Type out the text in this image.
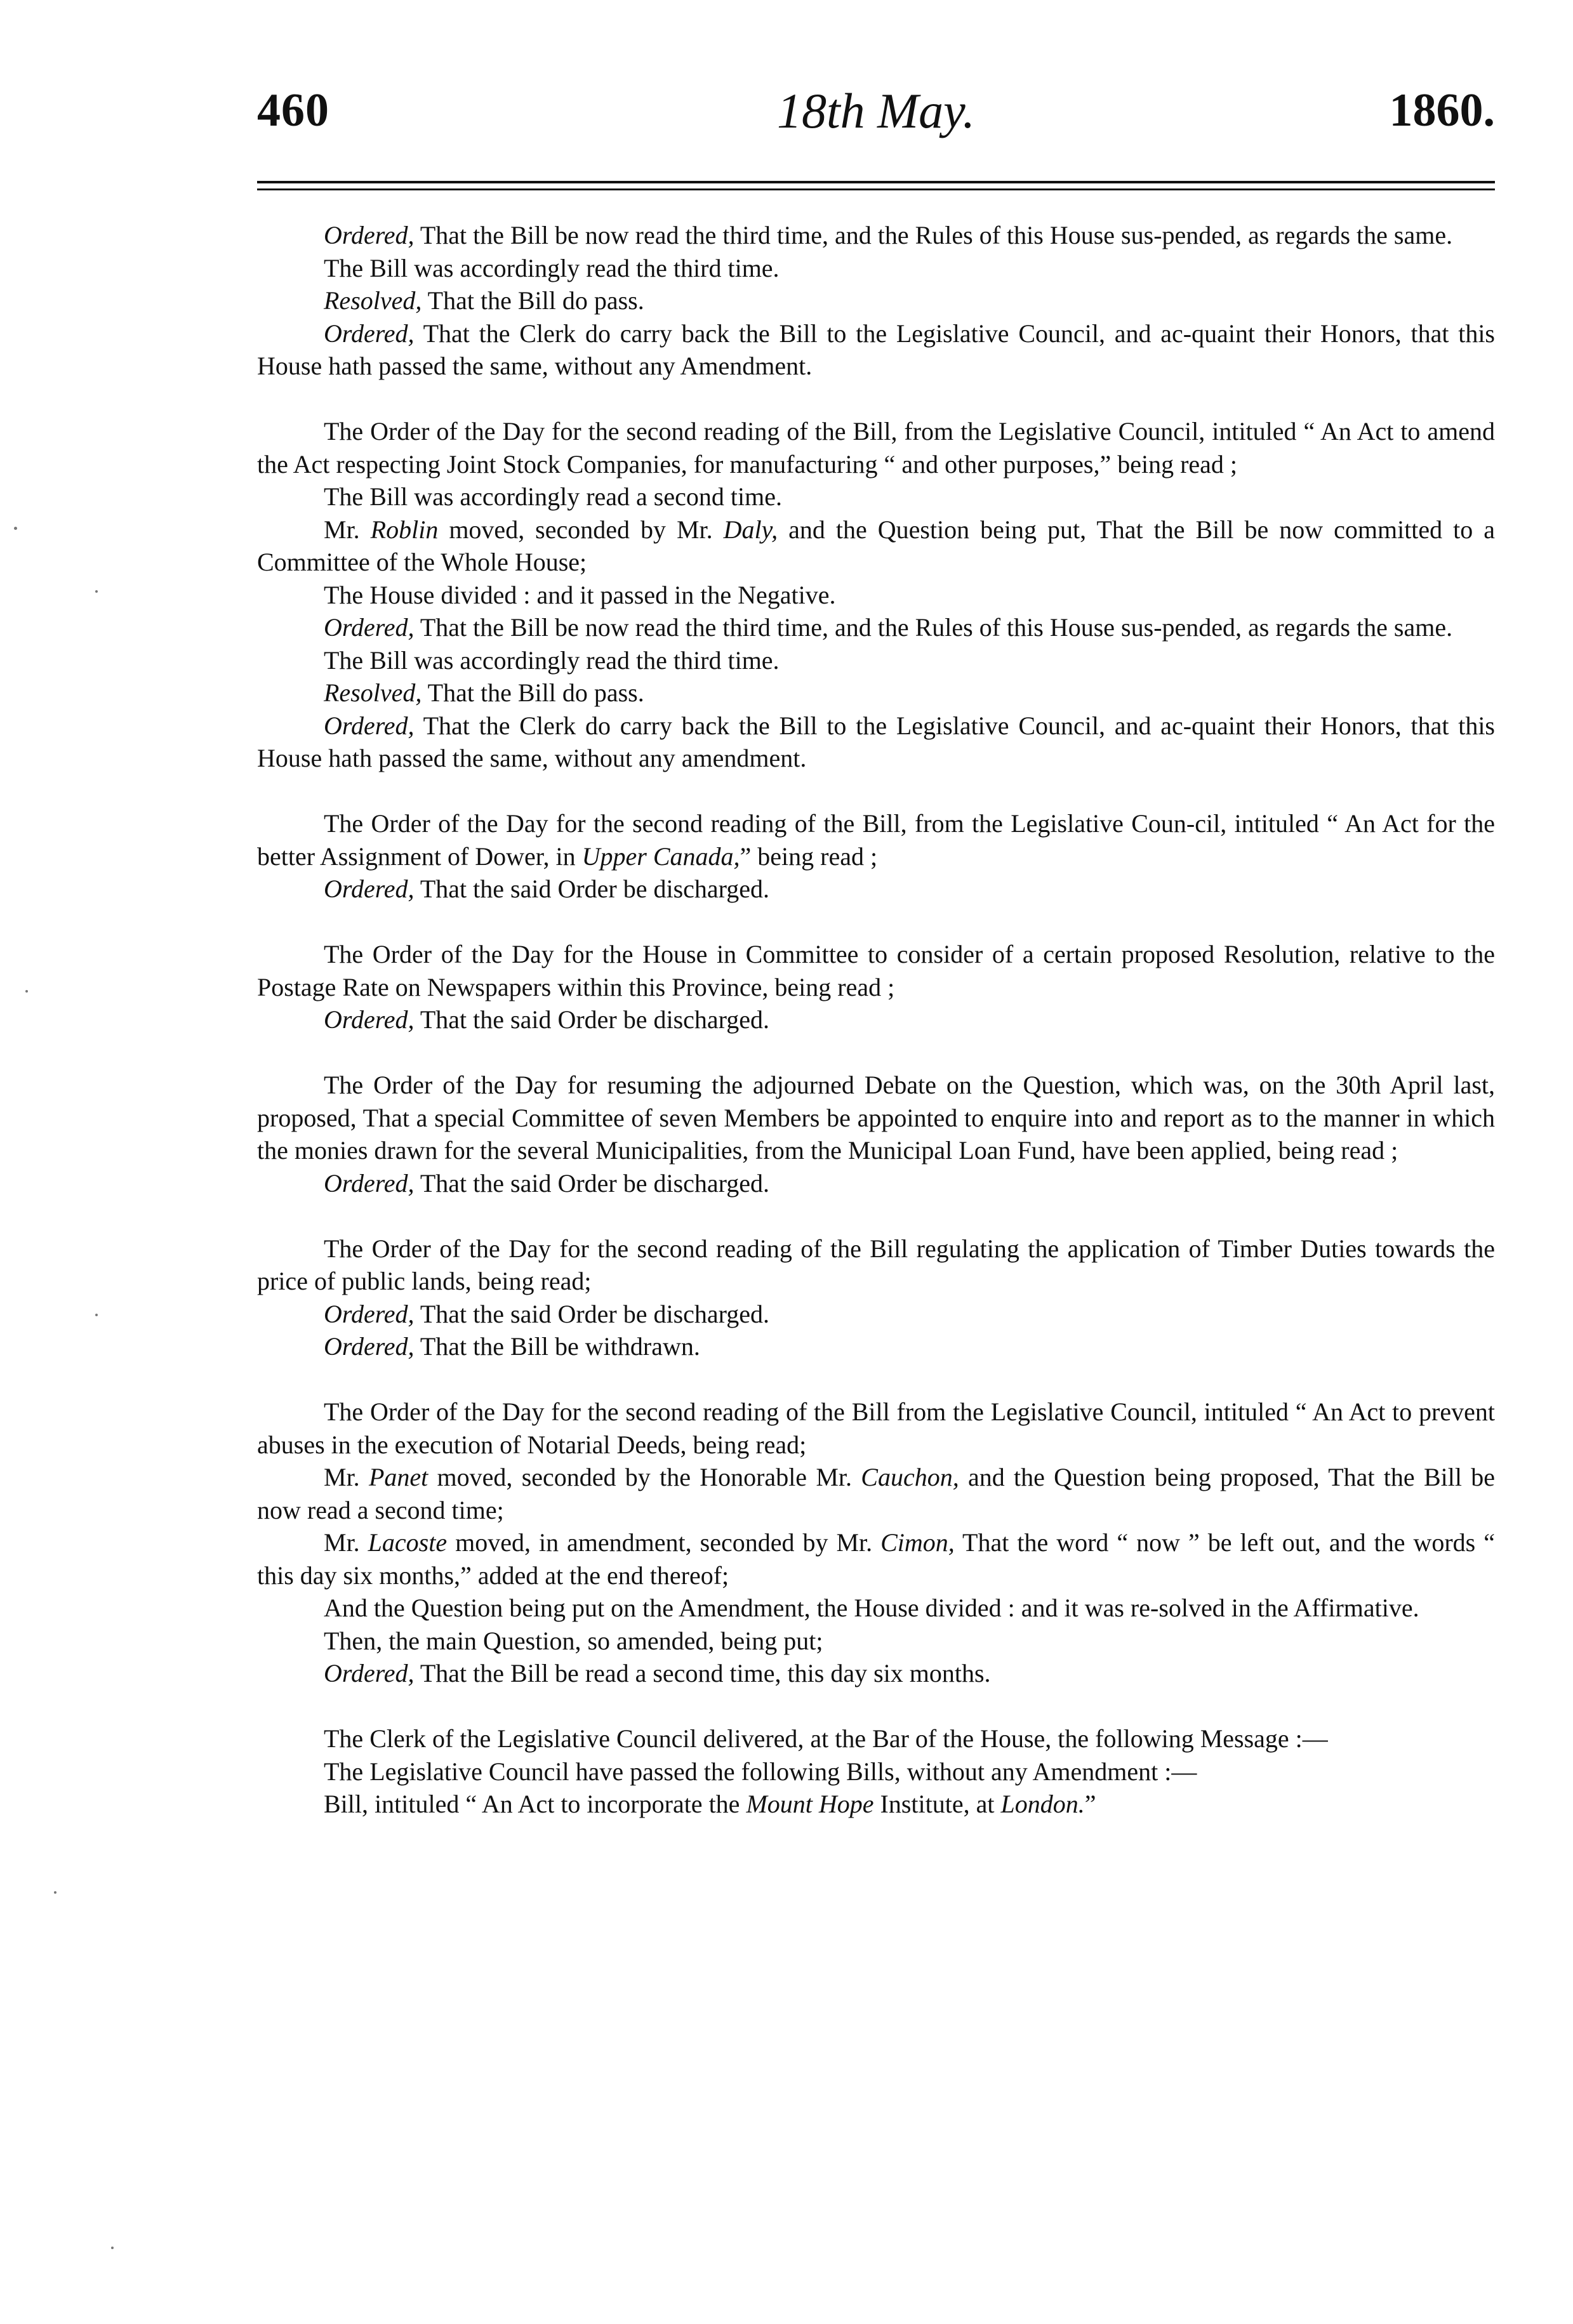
460	18th May.	1860.

Ordered, That the Bill be now read the third time, and the Rules of this House sus-pended, as regards the same.

The Bill was accordingly read the third time.

Resolved, That the Bill do pass.

Ordered, That the Clerk do carry back the Bill to the Legislative Council, and ac-quaint their Honors, that this House hath passed the same, without any Amendment.

The Order of the Day for the second reading of the Bill, from the Legislative Council, intituled “ An Act to amend the Act respecting Joint Stock Companies, for manufacturing “ and other purposes,” being read ;

The Bill was accordingly read a second time.

Mr. Roblin moved, seconded by Mr. Daly, and the Question being put, That the Bill be now committed to a Committee of the Whole House;

The House divided : and it passed in the Negative.

Ordered, That the Bill be now read the third time, and the Rules of this House sus-pended, as regards the same.

The Bill was accordingly read the third time.

Resolved, That the Bill do pass.

Ordered, That the Clerk do carry back the Bill to the Legislative Council, and ac-quaint their Honors, that this House hath passed the same, without any amendment.

The Order of the Day for the second reading of the Bill, from the Legislative Coun-cil, intituled “ An Act for the better Assignment of Dower, in Upper Canada,” being read ;

Ordered, That the said Order be discharged.

The Order of the Day for the House in Committee to consider of a certain proposed Resolution, relative to the Postage Rate on Newspapers within this Province, being read ;

Ordered, That the said Order be discharged.

The Order of the Day for resuming the adjourned Debate on the Question, which was, on the 30th April last, proposed, That a special Committee of seven Members be appointed to enquire into and report as to the manner in which the monies drawn for the several Municipalities, from the Municipal Loan Fund, have been applied, being read ;

Ordered, That the said Order be discharged.

The Order of the Day for the second reading of the Bill regulating the application of Timber Duties towards the price of public lands, being read;

Ordered, That the said Order be discharged.

Ordered, That the Bill be withdrawn.

The Order of the Day for the second reading of the Bill from the Legislative Council, intituled “ An Act to prevent abuses in the execution of Notarial Deeds, being read;

Mr. Panet moved, seconded by the Honorable Mr. Cauchon, and the Question being proposed, That the Bill be now read a second time;

Mr. Lacoste moved, in amendment, seconded by Mr. Cimon, That the word “ now ” be left out, and the words “ this day six months,” added at the end thereof;

And the Question being put on the Amendment, the House divided : and it was re-solved in the Affirmative.

Then, the main Question, so amended, being put;

Ordered, That the Bill be read a second time, this day six months.

The Clerk of the Legislative Council delivered, at the Bar of the House, the following Message :—

The Legislative Council have passed the following Bills, without any Amendment :—

Bill, intituled “ An Act to incorporate the Mount Hope Institute, at London.”
